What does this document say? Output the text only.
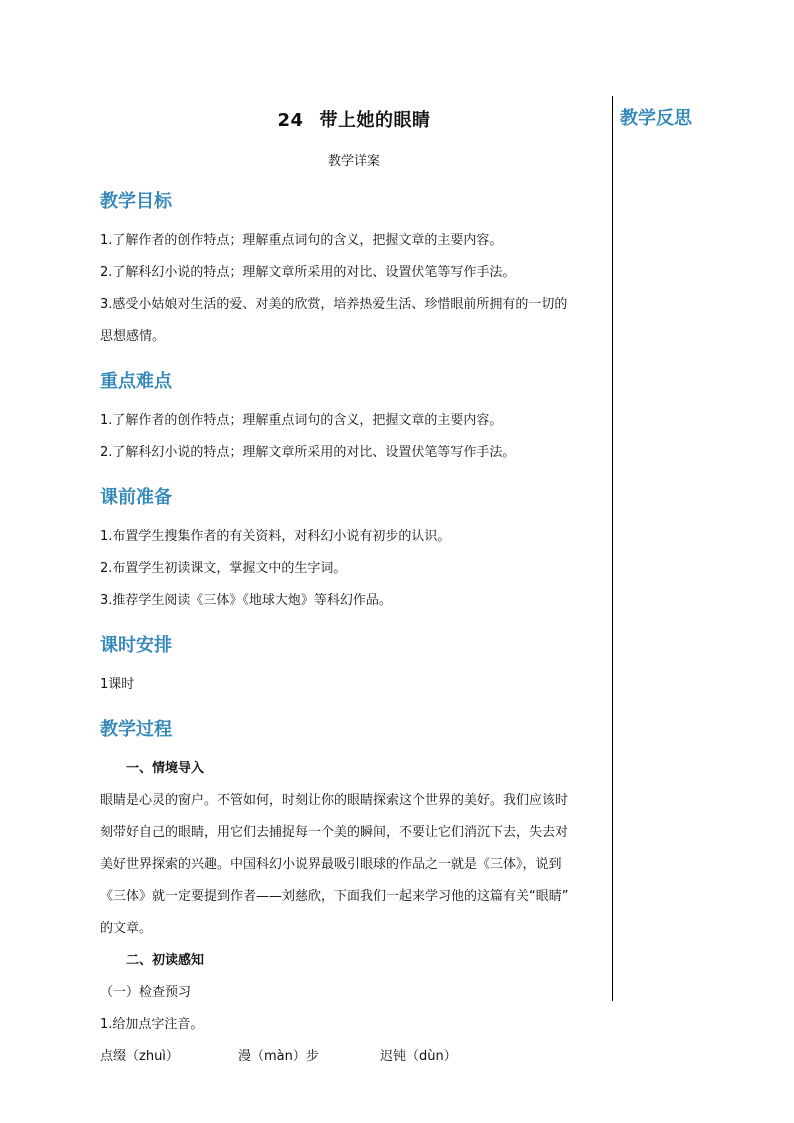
教学反思
24 带上她的眼睛
教学详案
教学目标
1.了解作者的创作特点；理解重点词句的含义，把握文章的主要内容。
2.了解科幻小说的特点；理解文章所采用的对比、设置伏笔等写作手法。
3.感受小姑娘对生活的爱、对美的欣赏，培养热爱生活、珍惜眼前所拥有的一切的
思想感情。
重点难点
1.了解作者的创作特点；理解重点词句的含义，把握文章的主要内容。
2.了解科幻小说的特点；理解文章所采用的对比、设置伏笔等写作手法。
课前准备
1.布置学生搜集作者的有关资料，对科幻小说有初步的认识。
2.布置学生初读课文，掌握文中的生字词。
3.推荐学生阅读《三体》《地球大炮》等科幻作品。
课时安排
1课时
教学过程
一、情境导入
眼睛是心灵的窗户。不管如何，时刻让你的眼睛探索这个世界的美好。我们应该时
刻带好自己的眼睛，用它们去捕捉每一个美的瞬间，不要让它们消沉下去，失去对
美好世界探索的兴趣。中国科幻小说界最吸引眼球的作品之一就是《三体》，说到
《三体》就一定要提到作者——刘慈欣，下面我们一起来学习他的这篇有关“眼睛”
的文章。
二、初读感知
（一）检查预习
1.给加点字注音。
点缀（zhuì）	漫（màn）步	迟钝（dùn）
